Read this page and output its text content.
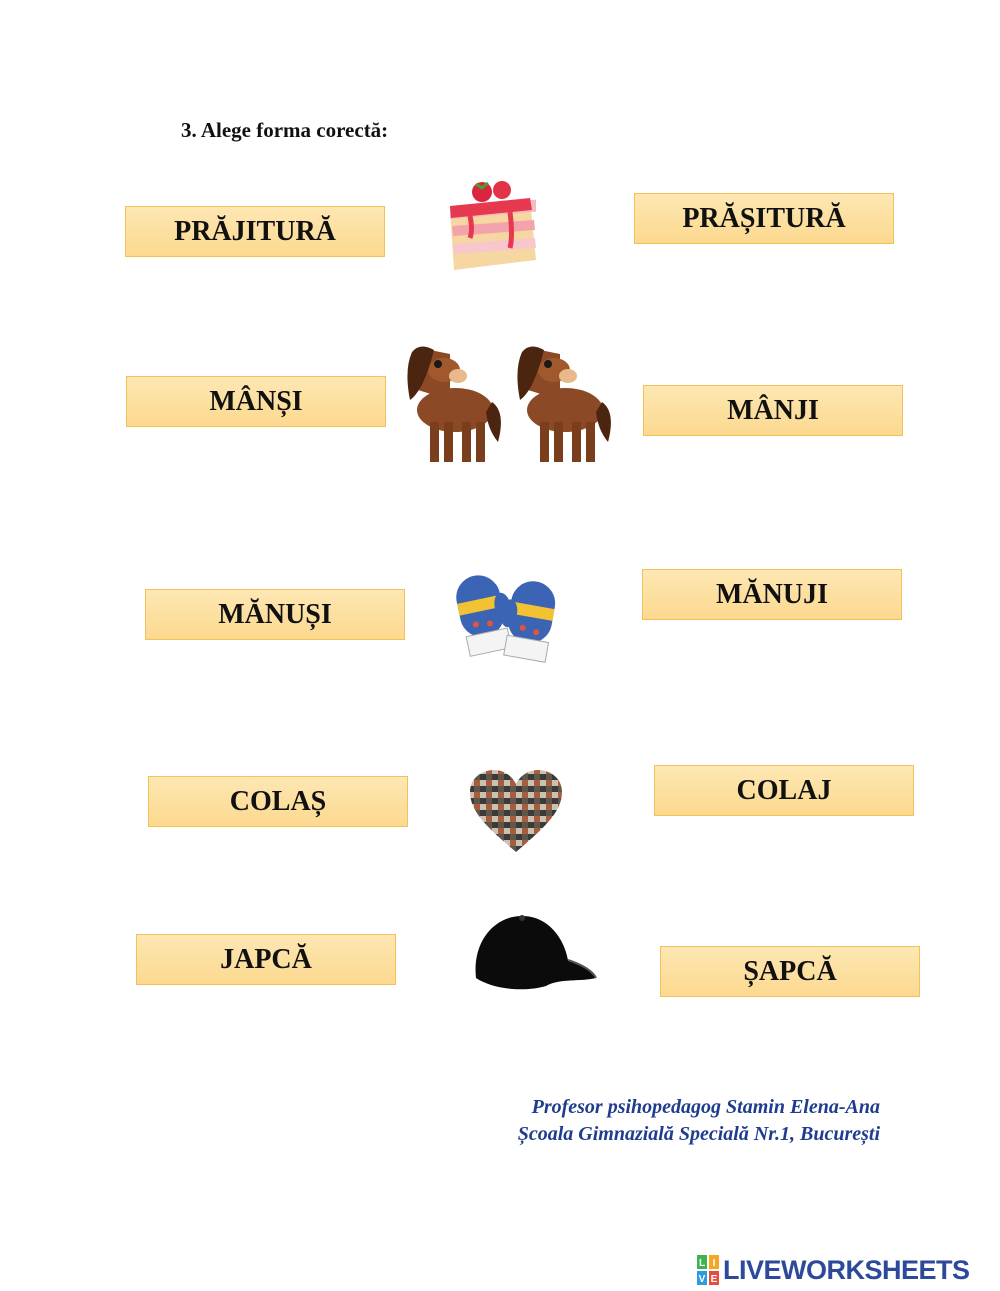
3. Alege forma corectă:
PRĂJITURĂ	PRĂȘITURĂ
MÂNȘI	MÂNJI
MĂNUȘI
MĂNUJI
COLAȘ	COLAJ
JAPCĂ	ȘAPCĂ
Profesor psihopedagog Stamin Elena-Ana
Școala Gimnazială Specială Nr.1, București
L I
V E LIVEWORKSHEETS
